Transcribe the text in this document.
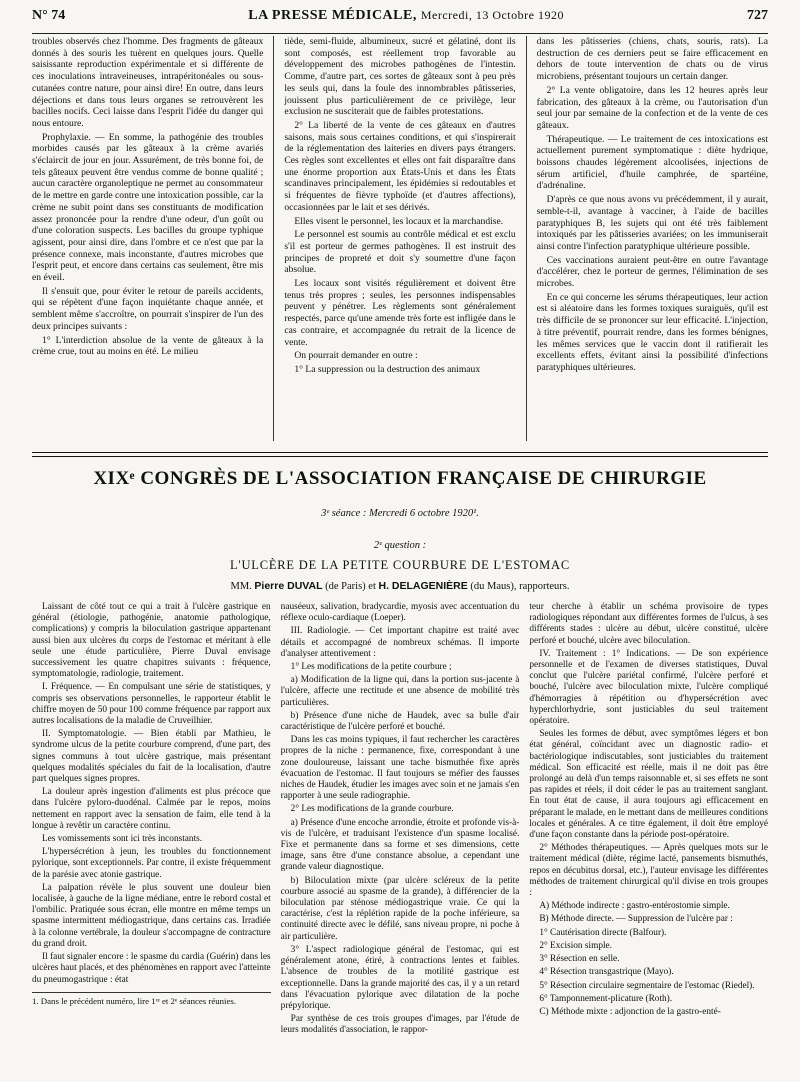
N° 74	LA PRESSE MÉDICALE, Mercredi, 13 Octobre 1920	727

troubles observés chez l'homme. Des fragments de gâteaux donnés à des souris les tuèrent en quelques jours. Quelle saisissante reproduction expérimentale et si différente de ces inoculations intraveineuses, intrapéritonéales ou sous-cutanées contre nature, pour ainsi dire! En outre, dans leurs déjections et dans tous leurs organes se retrouvèrent les bacilles nocifs. Ceci laisse dans l'esprit l'idée du danger qui nous entoure.

Prophylaxie. — En somme, la pathogénie des troubles morbides causés par les gâteaux à la crème avariés s'éclaircit de jour en jour. Assurément, de très bonne foi, de tels gâteaux peuvent être vendus comme de bonne qualité ; aucun caractère organoleptique ne permet au consommateur de le mettre en garde contre une intoxication possible, car la crème ne subit point dans ses constituants de modification assez prononcée pour la rendre d'une odeur, d'un goût ou d'une coloration suspects. Les bacilles du groupe typhique agissent, pour ainsi dire, dans l'ombre et ce n'est que par la présence connexe, mais inconstante, d'autres microbes que l'esprit peut, et encore dans certains cas seulement, être mis en éveil.

Il s'ensuit que, pour éviter le retour de pareils accidents, qui se répètent d'une façon inquiétante chaque année, et semblent même s'accroître, on pourrait s'inspirer de l'un des deux principes suivants :

1° L'interdiction absolue de la vente de gâteaux à la crème crue, tout au moins en été. Le milieu

tiède, semi-fluide, albumineux, sucré et gélatiné, dont ils sont composés, est réellement trop favorable au développement des microbes pathogènes de l'intestin. Comme, d'autre part, ces sortes de gâteaux sont à peu près les seuls qui, dans la foule des innombrables pâtisseries, jouissent plus particulièrement de ce privilège, leur exclusion ne susciterait que de faibles protestations.

2° La liberté de la vente de ces gâteaux en d'autres saisons, mais sous certaines conditions, et qui s'inspirerait de la réglementation des laiteries en divers pays étrangers. Ces règles sont excellentes et elles ont fait disparaître dans une énorme proportion aux États-Unis et dans les États scandinaves principalement, les épidémies si redoutables et si fréquentes de fièvre typhoïde (et d'autres affections), occasionnées par le lait et ses dérivés.

Elles visent le personnel, les locaux et la marchandise.

Le personnel est soumis au contrôle médical et est exclu s'il est porteur de germes pathogènes. Il est instruit des principes de propreté et doit s'y soumettre d'une façon absolue.

Les locaux sont visités régulièrement et doivent être tenus très propres ; seules, les personnes indispensables peuvent y pénétrer. Les règlements sont généralement respectés, parce qu'une amende très forte est infligée dans le cas contraire, et accompagnée du retrait de la licence de vente.

On pourrait demander en outre :

1° La suppression ou la destruction des animaux

dans les pâtisseries (chiens, chats, souris, rats). La destruction de ces derniers peut se faire efficacement en dehors de toute intervention de chats ou de virus microbiens, présentant toujours un certain danger.

2° La vente obligatoire, dans les 12 heures après leur fabrication, des gâteaux à la crème, ou l'autorisation d'un seul jour par semaine de la confection et de la vente de ces gâteaux.

Thérapeutique. — Le traitement de ces intoxications est actuellement purement symptomatique : diète hydrique, boissons chaudes légèrement alcoolisées, injections de sérum artificiel, d'huile camphrée, de spartéine, d'adrénaline.

D'après ce que nous avons vu précédemment, il y aurait, semble-t-il, avantage à vacciner, à l'aide de bacilles paratyphiques B, les sujets qui ont été très faiblement intoxiqués par les pâtisseries avariées; on les immuniserait ainsi contre l'infection paratyphique ultérieure possible.

Ces vaccinations auraient peut-être en outre l'avantage d'accélérer, chez le porteur de germes, l'élimination de ses microbes.

En ce qui concerne les sérums thérapeutiques, leur action est si aléatoire dans les formes toxiques suraiguës, qu'il est très difficile de se prononcer sur leur efficacité. L'injection, à titre préventif, pourrait rendre, dans les formes bénignes, les mêmes services que le vaccin dont il ratifierait les excellents effets, évitant ainsi la possibilité d'infections paratyphiques ultérieures.

XIXᵉ CONGRÈS DE L'ASSOCIATION FRANÇAISE DE CHIRURGIE
3ᵉ séance : Mercredi 6 octobre 1920¹.
2ᵉ question :
L'ULCÈRE DE LA PETITE COURBURE DE L'ESTOMAC
MM. Pierre DUVAL (de Paris) et H. DELAGENIÈRE (du Maus), rapporteurs.

Laissant de côté tout ce qui a trait à l'ulcère gastrique en général (étiologie, pathogénie, anatomie pathologique, complications) y compris la biloculation gastrique appartenant aussi bien aux ulcères du corps de l'estomac et méritant à elle seule une étude particulière, Pierre Duval envisage successivement les quatre chapitres suivants : fréquence, symptomatologie, radiologie, traitement.

I. Fréquence. — En compulsant une série de statistiques, y compris ses observations personnelles, le rapporteur établit le chiffre moyen de 50 pour 100 comme fréquence par rapport aux autres localisations de la maladie de Cruveilhier.

II. Symptomatologie. — Bien établi par Mathieu, le syndrome ulcus de la petite courbure comprend, d'une part, des signes communs à tout ulcère gastrique, mais présentant quelques modalités spéciales du fait de la localisation, d'autre part quelques signes propres.

La douleur après ingestion d'aliments est plus précoce que dans l'ulcère pyloro-duodénal. Calmée par le repos, moins nettement en rapport avec la sensation de faim, elle tend à la longue à revêtir un caractère continu.

Les vomissements sont ici très inconstants.

L'hypersécrétion à jeun, les troubles du fonctionnement pylorique, sont exceptionnels. Par contre, il existe fréquemment de la parésie avec atonie gastrique.

La palpation révèle le plus souvent une douleur bien localisée, à gauche de la ligne médiane, entre le rebord costal et l'ombilic. Pratiquée sous écran, elle montre en même temps un spasme intermittent médiogastrique, dans certains cas. Irradiée à la colonne vertébrale, la douleur s'accompagne de contracture du grand droit.

Il faut signaler encore : le spasme du cardia (Guérin) dans les ulcères haut placés, et des phénomènes en rapport avec l'atteinte du pneumogastrique : état

1. Dans le précédent numéro, lire 1ʳᵉ et 2ᵉ séances réunies.

nauséeux, salivation, bradycardie, myosis avec accentuation du réflexe oculo-cardiaque (Loeper).

III. Radiologie. — Cet important chapitre est traité avec détails et accompagné de nombreux schémas. Il importe d'analyser attentivement :

1° Les modifications de la petite courbure ;

a) Modification de la ligne qui, dans la portion sus-jacente à l'ulcère, affecte une rectitude et une absence de mobilité très particulières.

b) Présence d'une niche de Haudek, avec sa bulle d'air caractéristique de l'ulcère perforé et bouché.

Dans les cas moins typiques, il faut rechercher les caractères propres de la niche : permanence, fixe, correspondant à une zone douloureuse, laissant une tache bismuthée fixe après évacuation de l'estomac. Il faut toujours se méfier des fausses niches de Haudek, étudier les images avec soin et ne jamais s'en rapporter à une seule radiographie.

2° Les modifications de la grande courbure.

a) Présence d'une encoche arrondie, étroite et profonde vis-à-vis de l'ulcère, et traduisant l'existence d'un spasme localisé. Fixe et permanente dans sa forme et ses dimensions, cette image, sans être d'une constance absolue, a cependant une grande valeur diagnostique.

b) Biloculation mixte (par ulcère scléreux de la petite courbure associé au spasme de la grande), à différencier de la biloculation par sténose médiogastrique vraie. Ce qui la caractérise, c'est la réplétion rapide de la poche inférieure, sa continuité directe avec le défilé, sans niveau propre, ni poche à air particulière.

3° L'aspect radiologique général de l'estomac, qui est généralement atone, étiré, à contractions lentes et faibles. L'absence de troubles de la motilité gastrique est exceptionnelle. Dans la grande majorité des cas, il y a un retard dans l'évacuation pylorique avec dilatation de la poche prépylorique.

Par synthèse de ces trois groupes d'images, par l'étude de leurs modalités d'association, le rappor-

teur cherche à établir un schéma provisoire de types radiologiques répondant aux différentes formes de l'ulcus, à ses différents stades : ulcère au début, ulcère constitué, ulcère perforé et bouché, ulcère avec biloculation.

IV. Traitement : 1° Indications. — De son expérience personnelle et de l'examen de diverses statistiques, Duval conclut que l'ulcère pariétal confirmé, l'ulcère perforé et bouché, l'ulcère avec biloculation mixte, l'ulcère compliqué d'hémorragies à répétition ou d'hypersécrétion avec hyperchlorhydrie, sont justiciables du seul traitement opératoire.

Seules les formes de début, avec symptômes légers et bon état général, coïncidant avec un diagnostic radio- et bactériologique indiscutables, sont justiciables du traitement médical. Son efficacité est réelle, mais il ne doit pas être prolongé au delà d'un temps raisonnable et, si ses effets ne sont pas rapides et réels, il doit céder le pas au traitement sanglant. En tout état de cause, il aura toujours agi efficacement en préparant le malade, en le mettant dans de meilleures conditions locales et générales. A ce titre également, il doit être employé d'une façon constante dans la période post-opératoire.

2° Méthodes thérapeutiques. — Après quelques mots sur le traitement médical (diète, régime lacté, pansements bismuthés, repos en décubitus dorsal, etc.), l'auteur envisage les différentes méthodes de traitement chirurgical qu'il divise en trois groupes :

A) Méthode indirecte : gastro-entérostomie simple.

B) Méthode directe. — Suppression de l'ulcère par :

1° Cautérisation directe (Balfour).

2° Excision simple.

3° Résection en selle.

4° Résection transgastrique (Mayo).

5° Résection circulaire segmentaire de l'estomac (Riedel).

6° Tamponnement-plicature (Roth).

C) Méthode mixte : adjonction de la gastro-enté-
